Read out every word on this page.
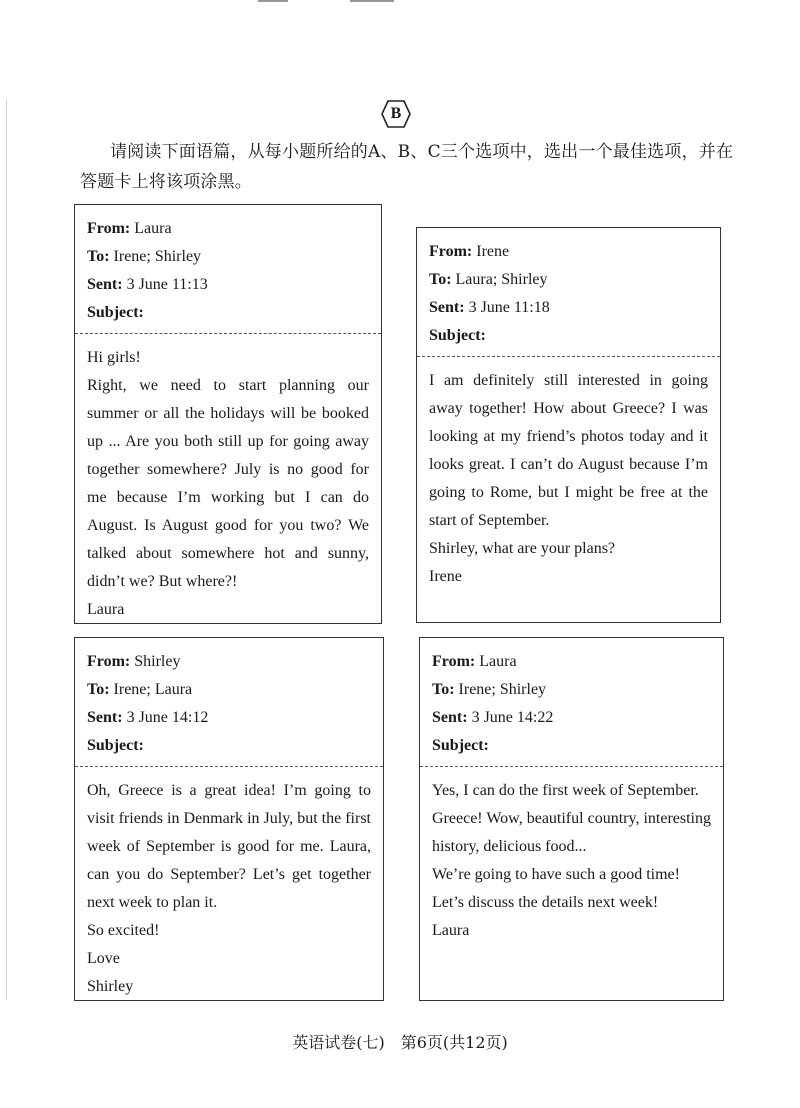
B
请阅读下面语篇，从每小题所给的A、B、C三个选项中，选出一个最佳选项，并在答题卡上将该项涂黑。
From: Laura
To: Irene; Shirley
Sent: 3 June 11:13
Subject:

Hi girls!

Right, we need to start planning our summer or all the holidays will be booked up ... Are you both still up for going away together somewhere? July is no good for me because I’m working but I can do August. Is August good for you two? We talked about somewhere hot and sunny, didn’t we? But where?!

Laura

From: Irene
To: Laura; Shirley
Sent: 3 June 11:18
Subject:

I am definitely still interested in going away together! How about Greece? I was looking at my friend’s photos today and it looks great. I can’t do August because I’m going to Rome, but I might be free at the start of September.

Shirley, what are your plans?

Irene

From: Shirley
To: Irene; Laura
Sent: 3 June 14:12
Subject:

Oh, Greece is a great idea! I’m going to visit friends in Denmark in July, but the first week of September is good for me. Laura, can you do September? Let’s get together next week to plan it.

So excited!

Love

Shirley

From: Laura
To: Irene; Shirley
Sent: 3 June 14:22
Subject:

Yes, I can do the first week of September.

Greece! Wow, beautiful country, interesting history, delicious food...

We’re going to have such a good time!

Let’s discuss the details next week!

Laura

英语试卷(七)　第6页(共12页)
